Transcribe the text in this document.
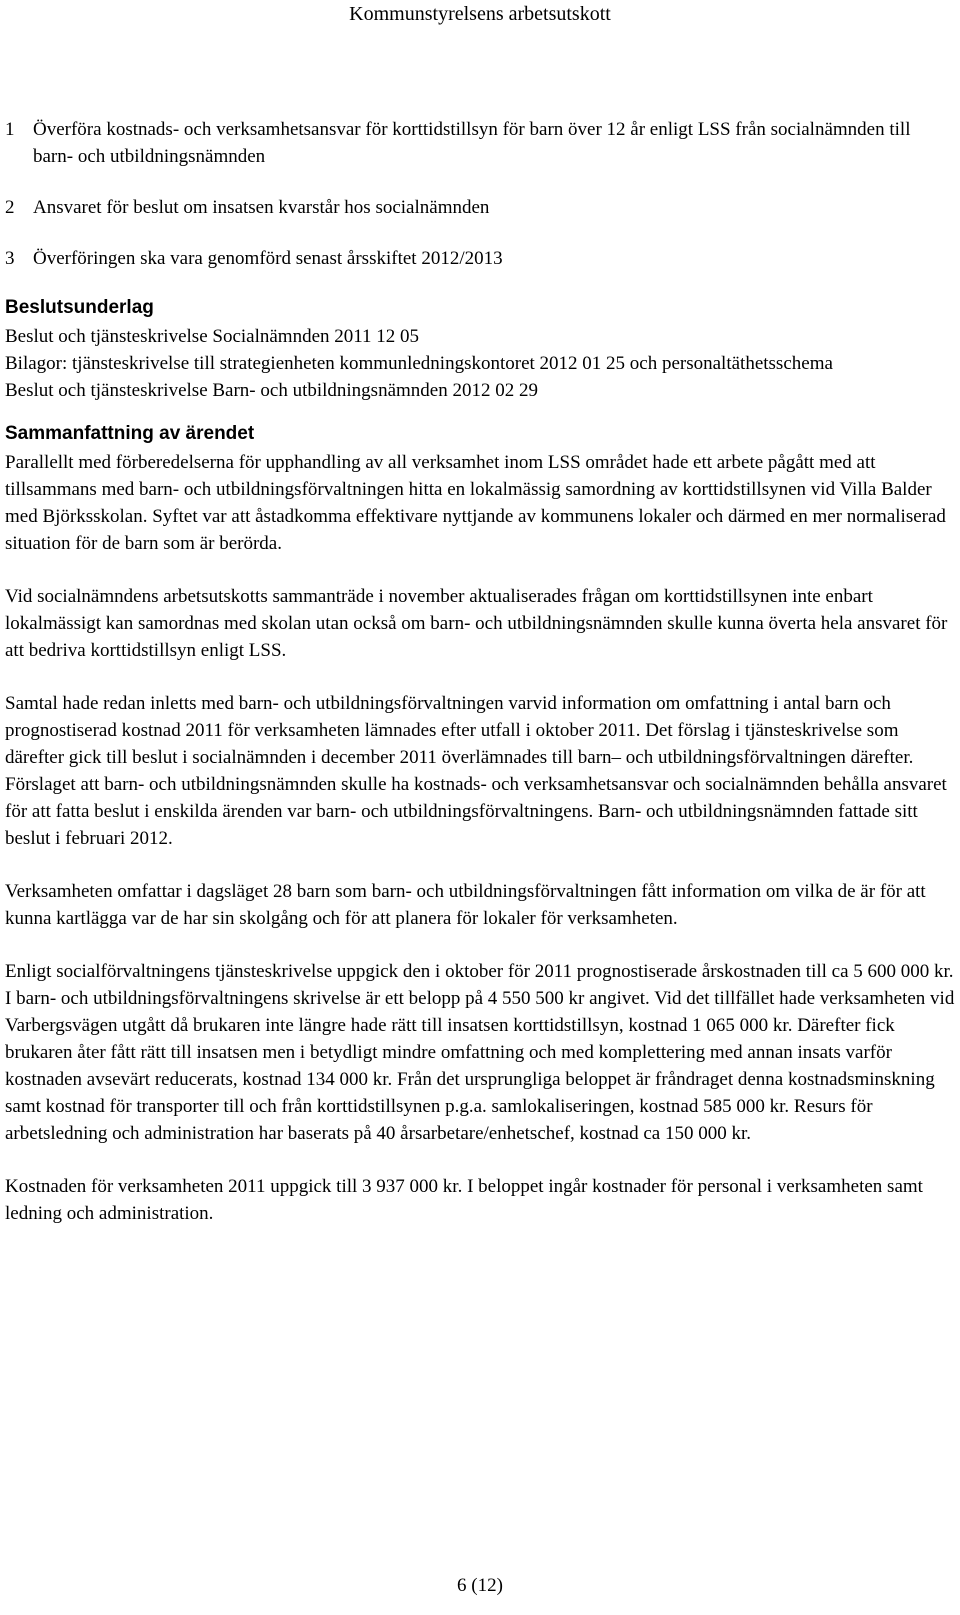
Kommunstyrelsens arbetsutskott
1 Överföra kostnads- och verksamhetsansvar för korttidstillsyn för barn över 12 år enligt LSS från socialnämnden till barn- och utbildningsnämnden
2 Ansvaret för beslut om insatsen kvarstår hos socialnämnden
3 Överföringen ska vara genomförd senast årsskiftet 2012/2013
Beslutsunderlag

Beslut och tjänsteskrivelse Socialnämnden 2011 12 05

Bilagor: tjänsteskrivelse till strategienheten kommunledningskontoret 2012 01 25 och personaltäthetsschema

Beslut och tjänsteskrivelse Barn- och utbildningsnämnden 2012 02 29

Sammanfattning av ärendet

Parallellt med förberedelserna för upphandling av all verksamhet inom LSS området hade ett arbete pågått med att tillsammans med barn- och utbildningsförvaltningen hitta en lokalmässig samordning av korttidstillsynen vid Villa Balder med Björksskolan. Syftet var att åstadkomma effektivare nyttjande av kommunens lokaler och därmed en mer normaliserad situation för de barn som är berörda.

Vid socialnämndens arbetsutskotts sammanträde i november aktualiserades frågan om korttidstillsynen inte enbart lokalmässigt kan samordnas med skolan utan också om barn- och utbildningsnämnden skulle kunna överta hela ansvaret för att bedriva korttidstillsyn enligt LSS.

Samtal hade redan inletts med barn- och utbildningsförvaltningen varvid information om omfattning i antal barn och prognostiserad kostnad 2011 för verksamheten lämnades efter utfall i oktober 2011. Det förslag i tjänsteskrivelse som därefter gick till beslut i socialnämnden i december 2011 överlämnades till barn– och utbildningsförvaltningen därefter. Förslaget att barn- och utbildningsnämnden skulle ha kostnads- och verksamhetsansvar och socialnämnden behålla ansvaret för att fatta beslut i enskilda ärenden var barn- och utbildningsförvaltningens. Barn- och utbildningsnämnden fattade sitt beslut i februari 2012.

Verksamheten omfattar i dagsläget 28 barn som barn- och utbildningsförvaltningen fått information om vilka de är för att kunna kartlägga var de har sin skolgång och för att planera för lokaler för verksamheten.

Enligt socialförvaltningens tjänsteskrivelse uppgick den i oktober för 2011 prognostiserade årskostnaden till ca 5 600 000 kr. I barn- och utbildningsförvaltningens skrivelse är ett belopp på 4 550 500 kr angivet. Vid det tillfället hade verksamheten vid Varbergsvägen utgått då brukaren inte längre hade rätt till insatsen korttidstillsyn, kostnad 1 065 000 kr. Därefter fick brukaren åter fått rätt till insatsen men i betydligt mindre omfattning och med komplettering med annan insats varför kostnaden avsevärt reducerats, kostnad 134 000 kr. Från det ursprungliga beloppet är fråndraget denna kostnadsminskning samt kostnad för transporter till och från korttidstillsynen p.g.a. samlokaliseringen, kostnad 585 000 kr. Resurs för arbetsledning och administration har baserats på 40 årsarbetare/enhetschef, kostnad ca 150 000 kr.

Kostnaden för verksamheten 2011 uppgick till 3 937 000 kr. I beloppet ingår kostnader för personal i verksamheten samt ledning och administration.

6 (12)
